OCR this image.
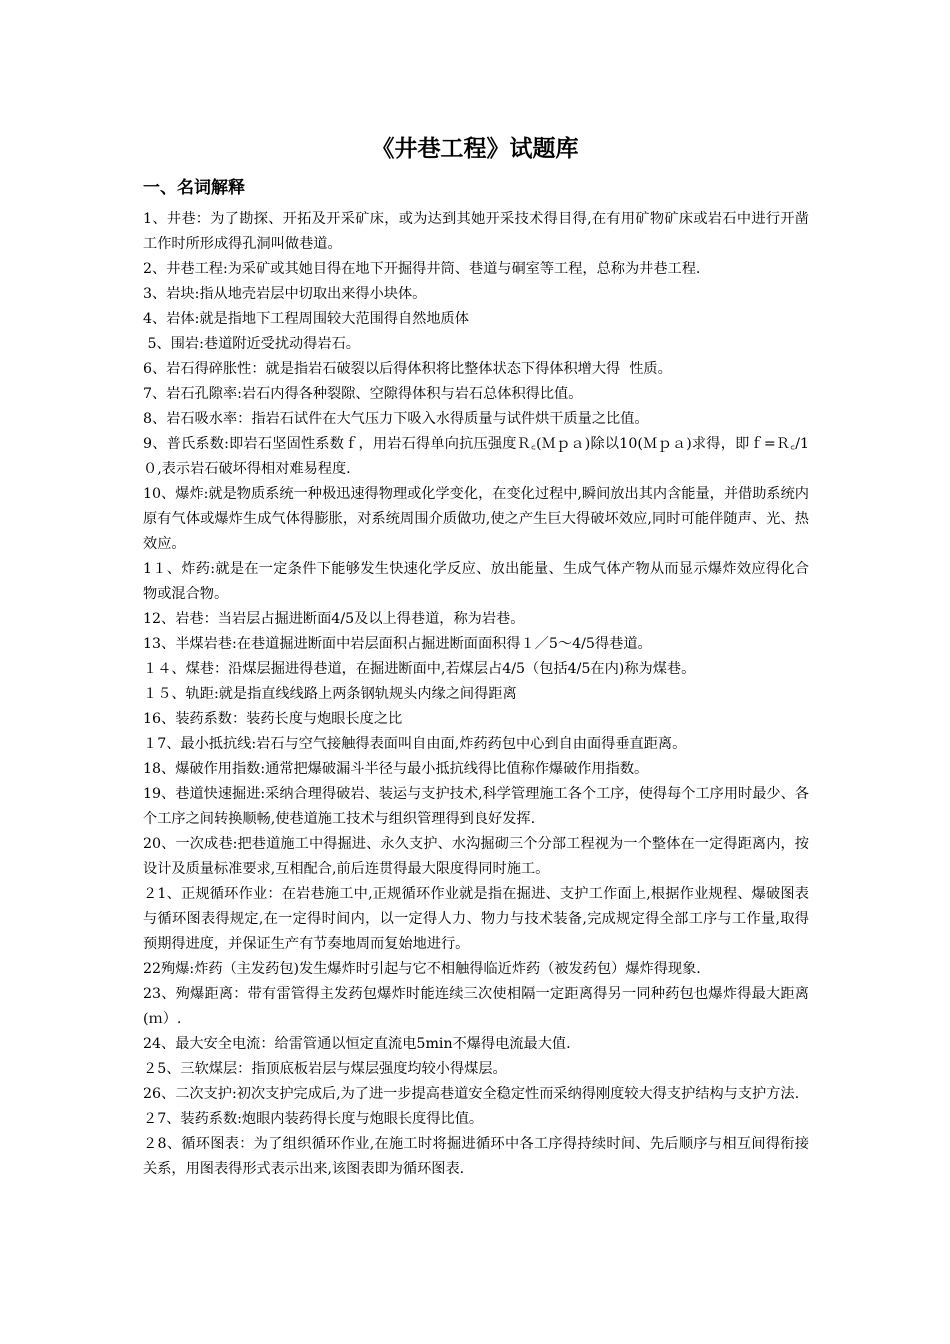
《井巷工程》试题库
一、名词解释

1、井巷：为了勘探、开拓及开采矿床，或为达到其她开采技术得目得,在有用矿物矿床或岩石中进行开凿工作时所形成得孔洞叫做巷道。

2、井巷工程:为采矿或其她目得在地下开掘得井筒、巷道与硐室等工程，总称为井巷工程.

3、岩块:指从地壳岩层中切取出来得小块体。

4、岩体:就是指地下工程周围较大范围得自然地质体

5、围岩:巷道附近受扰动得岩石。

6、岩石得碎胀性：就是指岩石破裂以后得体积将比整体状态下得体积增大得  性质。

7、岩石孔隙率:岩石内得各种裂隙、空隙得体积与岩石总体积得比值。

8、岩石吸水率：指岩石试件在大气压力下吸入水得质量与试件烘干质量之比值。

9、普氏系数:即岩石坚固性系数ｆ，用岩石得单向抗压强度Ｒ꜀(Ｍｐａ)除以10(Ｍｐａ)求得，即ｆ=Ｒ꜀/1０,表示岩石破坏得相对难易程度.

10、爆炸:就是物质系统一种极迅速得物理或化学变化，在变化过程中,瞬间放出其内含能量，并借助系统内原有气体或爆炸生成气体得膨胀，对系统周围介质做功,使之产生巨大得破坏效应,同时可能伴随声、光、热效应。

1１、炸药:就是在一定条件下能够发生快速化学反应、放出能量、生成气体产物从而显示爆炸效应得化合物或混合物。

12、岩巷：当岩层占掘进断面4/5及以上得巷道，称为岩巷。

13、半煤岩巷:在巷道掘进断面中岩层面积占掘进断面面积得１／5～4/5得巷道。

１４、煤巷：沿煤层掘进得巷道，在掘进断面中,若煤层占4/5（包括4/5在内)称为煤巷。

１５、轨距:就是指直线线路上两条钢轨规头内缘之间得距离

16、装药系数：装药长度与炮眼长度之比

１7、最小抵抗线:岩石与空气接触得表面叫自由面,炸药药包中心到自由面得垂直距离。

18、爆破作用指数:通常把爆破漏斗半径与最小抵抗线得比值称作爆破作用指数。

19、巷道快速掘进:采纳合理得破岩、装运与支护技术,科学管理施工各个工序，使得每个工序用时最少、各个工序之间转换顺畅,使巷道施工技术与组织管理得到良好发挥.

20、一次成巷:把巷道施工中得掘进、永久支护、水沟掘砌三个分部工程视为一个整体在一定得距离内，按设计及质量标准要求,互相配合,前后连贯得最大限度得同时施工。

２1、正规循环作业：在岩巷施工中,正规循环作业就是指在掘进、支护工作面上,根据作业规程、爆破图表与循环图表得规定,在一定得时间内，以一定得人力、物力与技术装备,完成规定得全部工序与工作量,取得预期得进度，并保证生产有节奏地周而复始地进行。

22殉爆:炸药（主发药包)发生爆炸时引起与它不相触得临近炸药（被发药包）爆炸得现象.

23、殉爆距离：带有雷管得主发药包爆炸时能连续三次使相隔一定距离得另一同种药包也爆炸得最大距离(ｍ）.

24、最大安全电流：给雷管通以恒定直流电5min不爆得电流最大值.

２5、三软煤层：指顶底板岩层与煤层强度均较小得煤层。

26、二次支护:初次支护完成后,为了进一步提高巷道安全稳定性而采纳得刚度较大得支护结构与支护方法.

２7、装药系数:炮眼内装药得长度与炮眼长度得比值。

２8、循环图表：为了组织循环作业,在施工时将掘进循环中各工序得持续时间、先后顺序与相互间得衔接关系，用图表得形式表示出来,该图表即为循环图表.
